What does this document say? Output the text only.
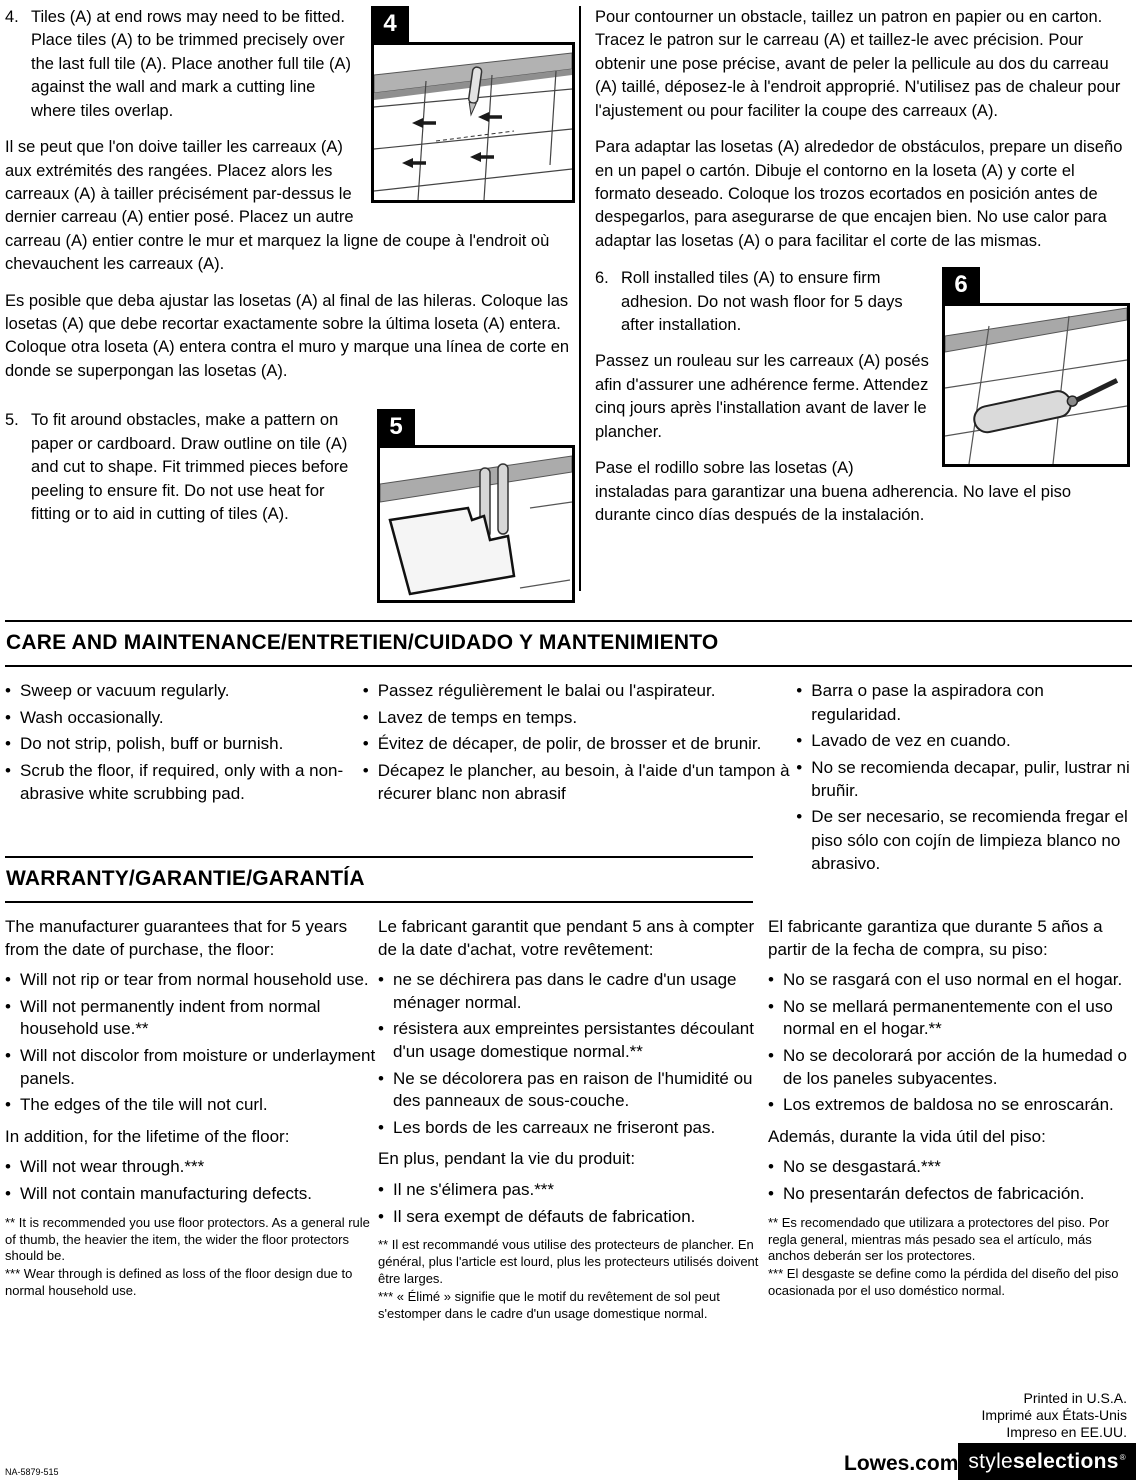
4

4. Tiles (A) at end rows may need to be fitted. Place tiles (A) to be trimmed precisely over the last full tile (A). Place another full tile (A) against the wall and mark a cutting line where tiles overlap.

Il se peut que l'on doive tailler les carreaux (A) aux extrémités des rangées. Placez alors les carreaux (A) à tailler précisément par-dessus le dernier carreau (A) entier posé. Placez un autre carreau (A) entier contre le mur et marquez la ligne de coupe à l'endroit où chevauchent les carreaux (A).

Es posible que deba ajustar las losetas (A) al final de las hileras. Coloque las losetas (A) que debe recortar exactamente sobre la última loseta (A) entera. Coloque otra loseta (A) entera contra el muro y marque una línea de corte en donde se superpongan las losetas (A).

5

5. To fit around obstacles, make a pattern on paper or cardboard. Draw outline on tile (A) and cut to shape. Fit trimmed pieces before peeling to ensure fit. Do not use heat for fitting or to aid in cutting of tiles (A).

Pour contourner un obstacle, taillez un patron en papier ou en carton. Tracez le patron sur le carreau (A) et taillez-le avec précision. Pour obtenir une pose précise, avant de peler la pellicule au dos du carreau (A) taillé, déposez-le à l'endroit approprié. N'utilisez pas de chaleur pour l'ajustement ou pour faciliter la coupe des carreaux (A).

Para adaptar las losetas (A) alrededor de obstáculos, prepare un diseño en un papel o cartón. Dibuje el contorno en la loseta (A) y corte el formato deseado. Coloque los trozos ecortados en posición antes de despegarlos, para asegurarse de que encajen bien. No use calor para adaptar las losetas (A) o para facilitar el corte de las mismas.

6

6. Roll installed tiles (A) to ensure firm adhesion. Do not wash floor for 5 days after installation.

Passez un rouleau sur les carreaux (A) posés afin d'assurer une adhérence ferme. Attendez cinq jours après l'installation avant de laver le plancher.

Pase el rodillo sobre las losetas (A) instaladas para garantizar una buena adherencia. No lave el piso durante cinco días después de la instalación.

CARE AND MAINTENANCE/ENTRETIEN/CUIDADO Y MANTENIMIENTO
• Sweep or vacuum regularly.
• Wash occasionally.
• Do not strip, polish, buff or burnish.
• Scrub the floor, if required, only with a non-abrasive white scrubbing pad.
• Passez régulièrement le balai ou l'aspirateur.
• Lavez de temps en temps.
• Évitez de décaper, de polir, de brosser et de brunir.
• Décapez le plancher, au besoin, à l'aide d'un tampon à récurer blanc non abrasif
• Barra o pase la aspiradora con regularidad.
• Lavado de vez en cuando.
• No se recomienda decapar, pulir, lustrar ni bruñir.
• De ser necesario, se recomienda fregar el piso sólo con cojín de limpieza blanco no abrasivo.
WARRANTY/GARANTIE/GARANTÍA

The manufacturer guarantees that for 5 years from the date of purchase, the floor:

• Will not rip or tear from normal household use.
• Will not permanently indent from normal household use.**
• Will not discolor from moisture or underlayment panels.
• The edges of the tile will not curl.

In addition, for the lifetime of the floor:

• Will not wear through.***
• Will not contain manufacturing defects.

** It is recommended you use floor protectors. As a general rule of thumb, the heavier the item, the wider the floor protectors should be.

*** Wear through is defined as loss of the floor design due to normal household use.

Le fabricant garantit que pendant 5 ans à compter de la date d'achat, votre revêtement:

• ne se déchirera pas dans le cadre d'un usage ménager normal.
• résistera aux empreintes persistantes découlant d'un usage domestique normal.**
• Ne se décolorera pas en raison de l'humidité ou des panneaux de sous-couche.
• Les bords de les carreaux ne friseront pas.

En plus, pendant la vie du produit:

• Il ne s'élimera pas.***
• Il sera exempt de défauts de fabrication.

** Il est recommandé vous utilise des protecteurs de plancher. En général, plus l'article est lourd, plus les protecteurs utilisés doivent être larges.

*** « Élimé » signifie que le motif du revêtement de sol peut s'estomper dans le cadre d'un usage domestique normal.

El fabricante garantiza que durante 5 años a partir de la fecha de compra, su piso:

• No se rasgará con el uso normal en el hogar.
• No se mellará permanentemente con el uso normal en el hogar.**
• No se decolorará por acción de la humedad o de los paneles subyacentes.
• Los extremos de baldosa no se enroscarán.

Además, durante la vida útil del piso:

• No se desgastará.***
• No presentarán defectos de fabricación.

** Es recomendado que utilizara a protectores del piso. Por regla general, mientras más pesado sea el artículo, más anchos deberán ser los protectores.

*** El desgaste se define como la pérdida del diseño del piso ocasionada por el uso doméstico normal.

Printed in U.S.A.
Imprimé aux États-Unis
Impreso en EE.UU.
NA-5879-515	Lowes.com style selections®
